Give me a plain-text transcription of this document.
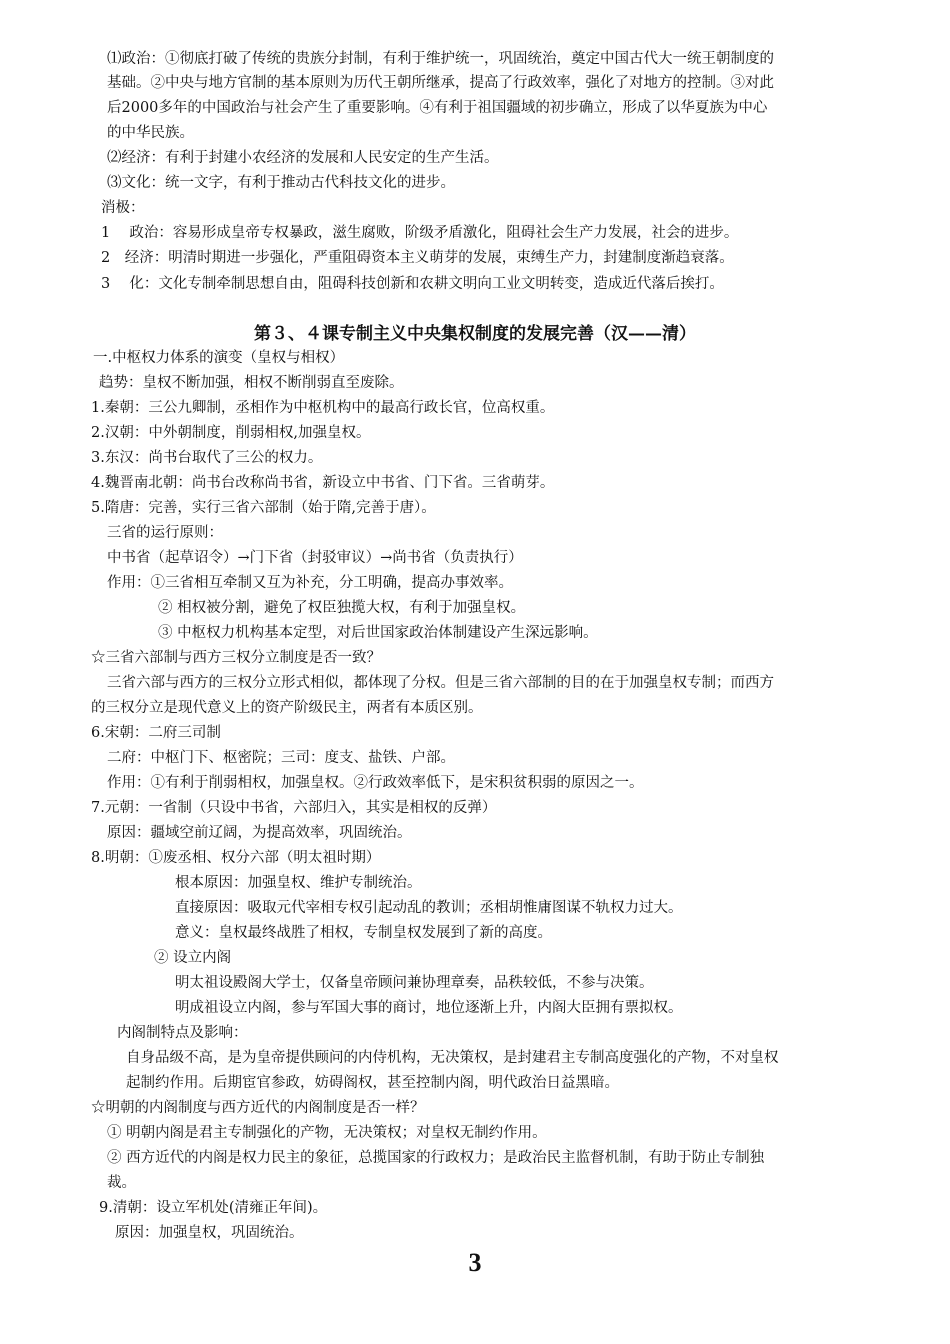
⑴政治：①彻底打破了传统的贵族分封制，有利于维护统一，巩固统治，奠定中国古代大一统王朝制度的
基础。②中央与地方官制的基本原则为历代王朝所继承，提高了行政效率，强化了对地方的控制。③对此
后2000多年的中国政治与社会产生了重要影响。④有利于祖国疆域的初步确立，形成了以华夏族为中心
的中华民族。
⑵经济：有利于封建小农经济的发展和人民安定的生产生活。
⑶文化：统一文字，有利于推动古代科技文化的进步。
消极：
1　 政治：容易形成皇帝专权暴政，滋生腐败，阶级矛盾激化，阻碍社会生产力发展，社会的进步。
2　经济：明清时期进一步强化，严重阻碍资本主义萌芽的发展，束缚生产力，封建制度渐趋衰落。
3　 化：文化专制牵制思想自由，阻碍科技创新和农耕文明向工业文明转变，造成近代落后挨打。
第３、４课专制主义中央集权制度的发展完善（汉——清）
一.中枢权力体系的演变（皇权与相权）
趋势：皇权不断加强，相权不断削弱直至废除。
1.秦朝：三公九卿制，丞相作为中枢机构中的最高行政长官，位高权重。
2.汉朝：中外朝制度，削弱相权,加强皇权。
3.东汉：尚书台取代了三公的权力。
4.魏晋南北朝：尚书台改称尚书省，新设立中书省、门下省。三省萌芽。
5.隋唐：完善，实行三省六部制（始于隋,完善于唐）。
三省的运行原则：
中书省（起草诏令）→门下省（封驳审议）→尚书省（负责执行）
作用：①三省相互牵制又互为补充，分工明确，提高办事效率。
② 相权被分割，避免了权臣独揽大权，有利于加强皇权。
③ 中枢权力机构基本定型，对后世国家政治体制建设产生深远影响。
☆三省六部制与西方三权分立制度是否一致？
三省六部与西方的三权分立形式相似，都体现了分权。但是三省六部制的目的在于加强皇权专制；而西方
的三权分立是现代意义上的资产阶级民主，两者有本质区别。
6.宋朝：二府三司制
二府：中枢门下、枢密院；三司：度支、盐铁、户部。
作用：①有利于削弱相权，加强皇权。②行政效率低下，是宋积贫积弱的原因之一。
7.元朝：一省制（只设中书省，六部归入，其实是相权的反弹）
原因：疆域空前辽阔，为提高效率，巩固统治。
8.明朝：①废丞相、权分六部（明太祖时期）
根本原因：加强皇权、维护专制统治。
直接原因：吸取元代宰相专权引起动乱的教训；丞相胡惟庸图谋不轨权力过大。
意义：皇权最终战胜了相权，专制皇权发展到了新的高度。
② 设立内阁
明太祖设殿阁大学士，仅备皇帝顾问兼协理章奏，品秩较低，不参与决策。
明成祖设立内阁，参与军国大事的商讨，地位逐渐上升，内阁大臣拥有票拟权。
内阁制特点及影响：
自身品级不高，是为皇帝提供顾问的内侍机构，无决策权，是封建君主专制高度强化的产物，不对皇权
起制约作用。后期宦官参政，妨碍阁权，甚至控制内阁，明代政治日益黑暗。
☆明朝的内阁制度与西方近代的内阁制度是否一样？
① 明朝内阁是君主专制强化的产物，无决策权；对皇权无制约作用。
② 西方近代的内阁是权力民主的象征，总揽国家的行政权力；是政治民主监督机制，有助于防止专制独
裁。
9.清朝：设立军机处(清雍正年间)。
原因：加强皇权，巩固统治。
3
